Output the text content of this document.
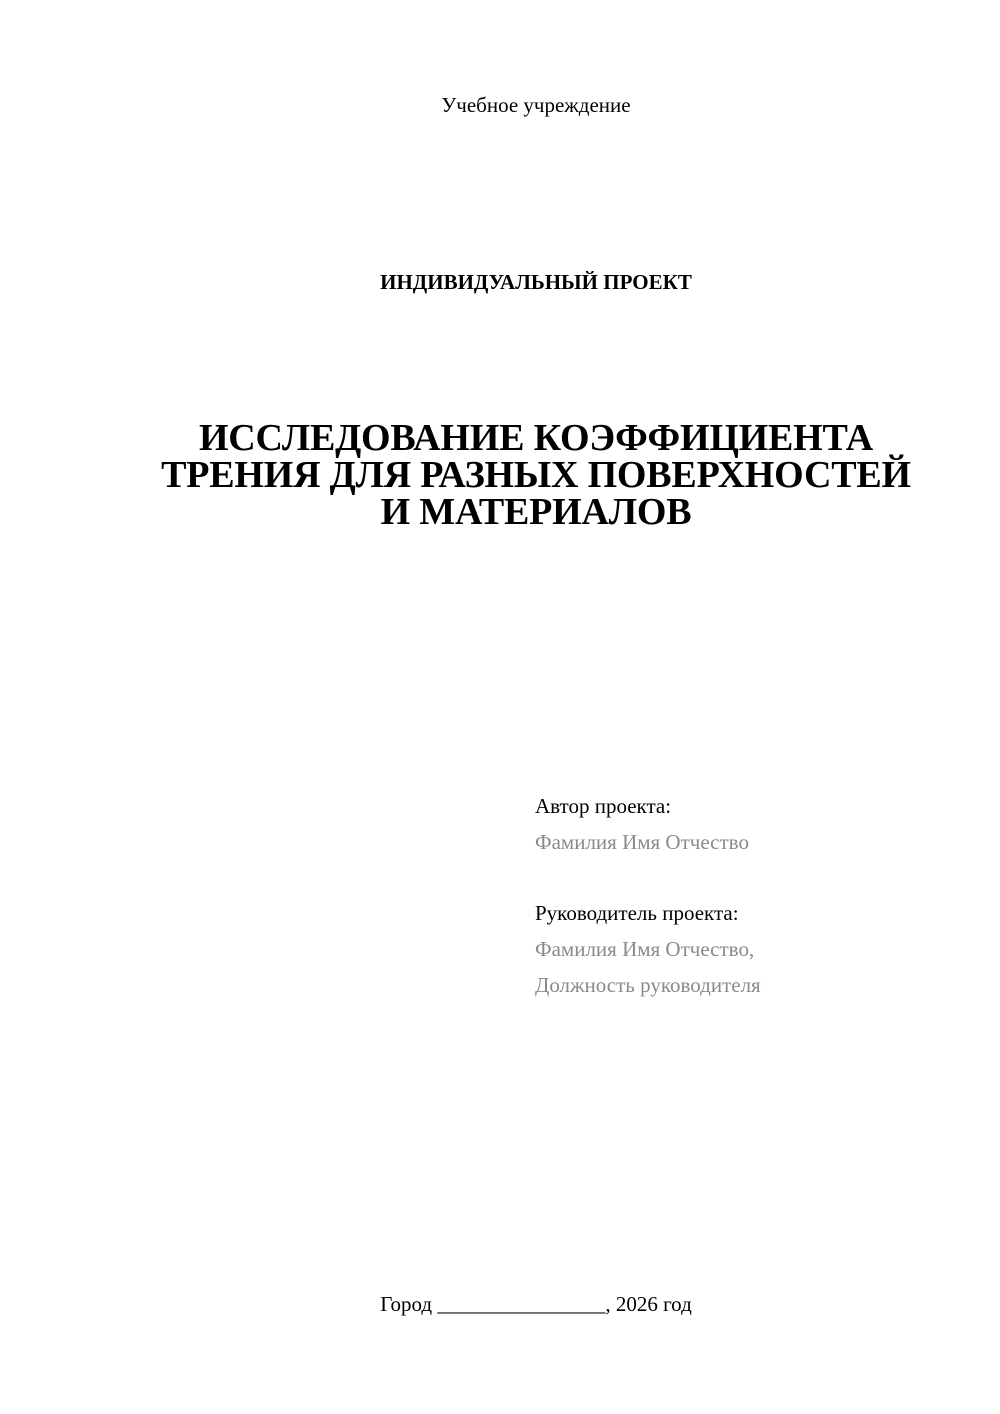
Учебное учреждение
ИНДИВИДУАЛЬНЫЙ ПРОЕКТ
ИССЛЕДОВАНИЕ КОЭФФИЦИЕНТА
ТРЕНИЯ ДЛЯ РАЗНЫХ ПОВЕРХНОСТЕЙ
И МАТЕРИАЛОВ
Автор проекта:
Фамилия Имя Отчество
Руководитель проекта:
Фамилия Имя Отчество,
Должность руководителя
Город ________________, 2026 год
